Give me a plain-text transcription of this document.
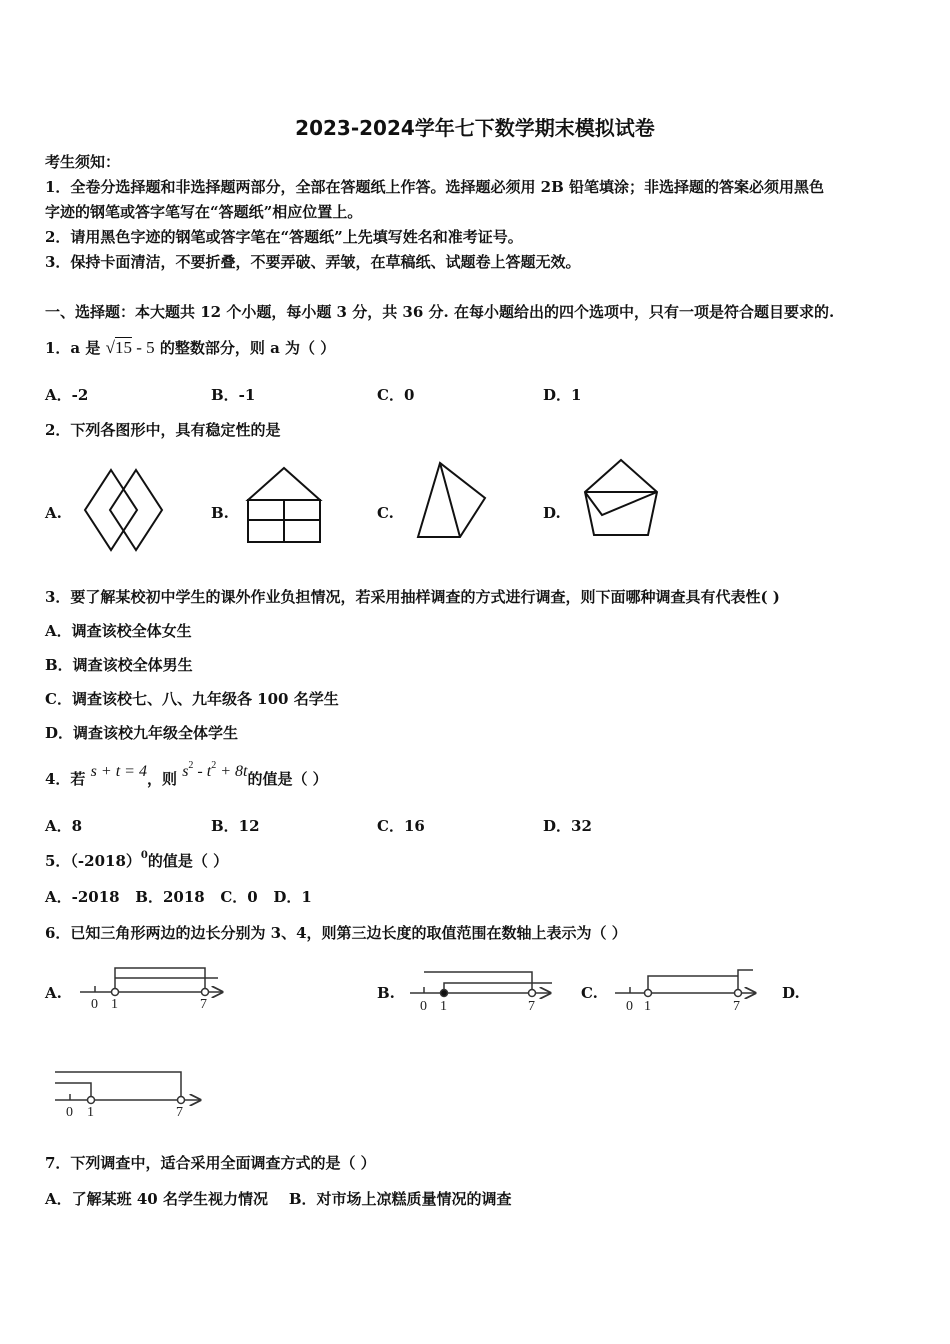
2023-2024学年七下数学期末模拟试卷
考生须知：
1．全卷分选择题和非选择题两部分，全部在答题纸上作答。选择题必须用 2B 铅笔填涂；非选择题的答案必须用黑色
字迹的钢笔或答字笔写在“答题纸”相应位置上。
2．请用黑色字迹的钢笔或答字笔在“答题纸”上先填写姓名和准考证号。
3．保持卡面清洁，不要折叠，不要弄破、弄皱，在草稿纸、试题卷上答题无效。
一、选择题：本大题共 12 个小题，每小题 3 分，共 36 分. 在每小题给出的四个选项中，只有一项是符合题目要求的.
1．a 是 √15 - 5 的整数部分，则 a 为（ ）
A．-2	B．-1	C．0	D．1
2．下列各图形中，具有稳定性的是
A.	B.	C.	D.
3．要了解某校初中学生的课外作业负担情况，若采用抽样调查的方式进行调查，则下面哪种调查具有代表性( )
A．调查该校全体女生
B．调查该校全体男生
C．调查该校七、八、九年级各 100 名学生
D．调查该校九年级全体学生
4．若 s + t = 4，则 $s^2 - t^2 + 8t$的值是（ ）
A．8	B．12	C．16	D．32
5．$(-2018)^0$的值是（ ）
A．-2018   B．2018   C．0   D．1
6．已知三角形两边的边长分别为 3、4，则第三边长度的取值范围在数轴上表示为（ ）
A.	B.	C.	D.
0 1	7	0 1	7	0 1	7
0 1	7
7．下列调查中，适合采用全面调查方式的是（ ）
A．了解某班 40 名学生视力情况    B．对市场上凉糕质量情况的调查
